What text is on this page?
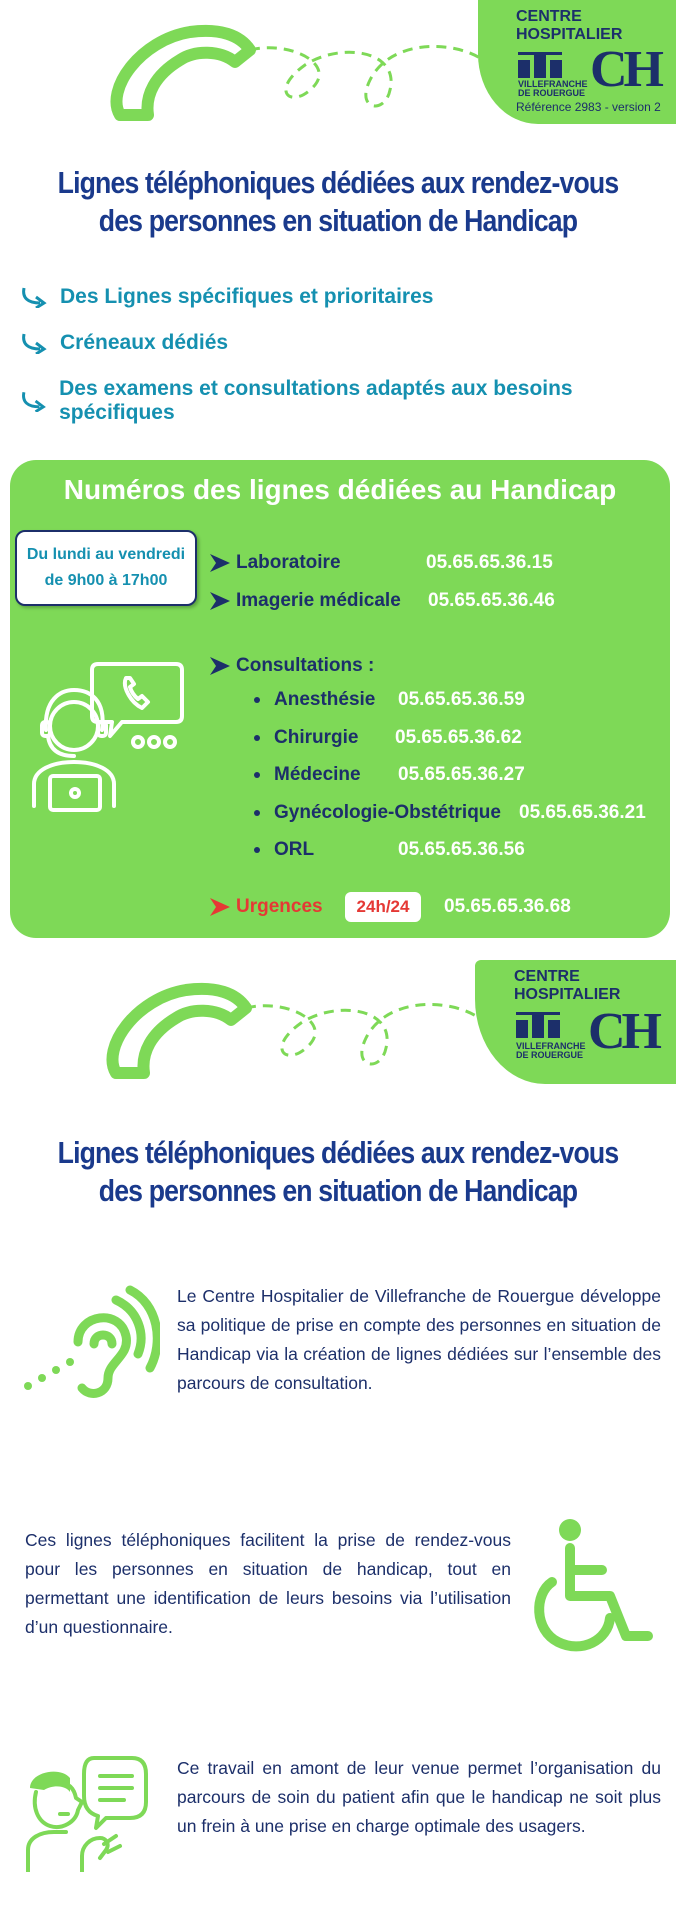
CENTRE HOSPITALIER
VILLEFRANCHE
DE ROUERGUE CH
Référence 2983 - version 2
Lignes téléphoniques dédiées aux rendez-vous
des personnes en situation de Handicap
Des Lignes spécifiques et prioritaires
Créneaux dédiés
Des examens et consultations adaptés aux besoins spécifiques
Numéros des lignes dédiées au Handicap
Du lundi au vendredi
de 9h00 à 17h00
Laboratoire	05.65.65.36.15
Imagerie médicale 05.65.65.36.46
Consultations :
Anesthésie 05.65.65.36.59
Chirurgie 05.65.65.36.62
Médecine 05.65.65.36.27
Gynécologie-Obstétrique 05.65.65.36.21
ORL	05.65.65.36.56
Urgences	24h/24	05.65.65.36.68
CENTRE HOSPITALIER
VILLEFRANCHE
DE ROUERGUE CH
Lignes téléphoniques dédiées aux rendez-vous
des personnes en situation de Handicap
Le Centre Hospitalier de Villefranche de Rouergue développe sa politique de prise en compte des personnes en situation de Handicap via la création de lignes dédiées sur l’ensemble des parcours de consultation.
Ces lignes téléphoniques facilitent la prise de rendez-vous pour les personnes en situation de handicap, tout en permettant une identification de leurs besoins via l’utilisation d’un questionnaire.
Ce travail en amont de leur venue permet l’organisation du parcours de soin du patient afin que le handicap ne soit plus un frein à une prise en charge optimale des usagers.
